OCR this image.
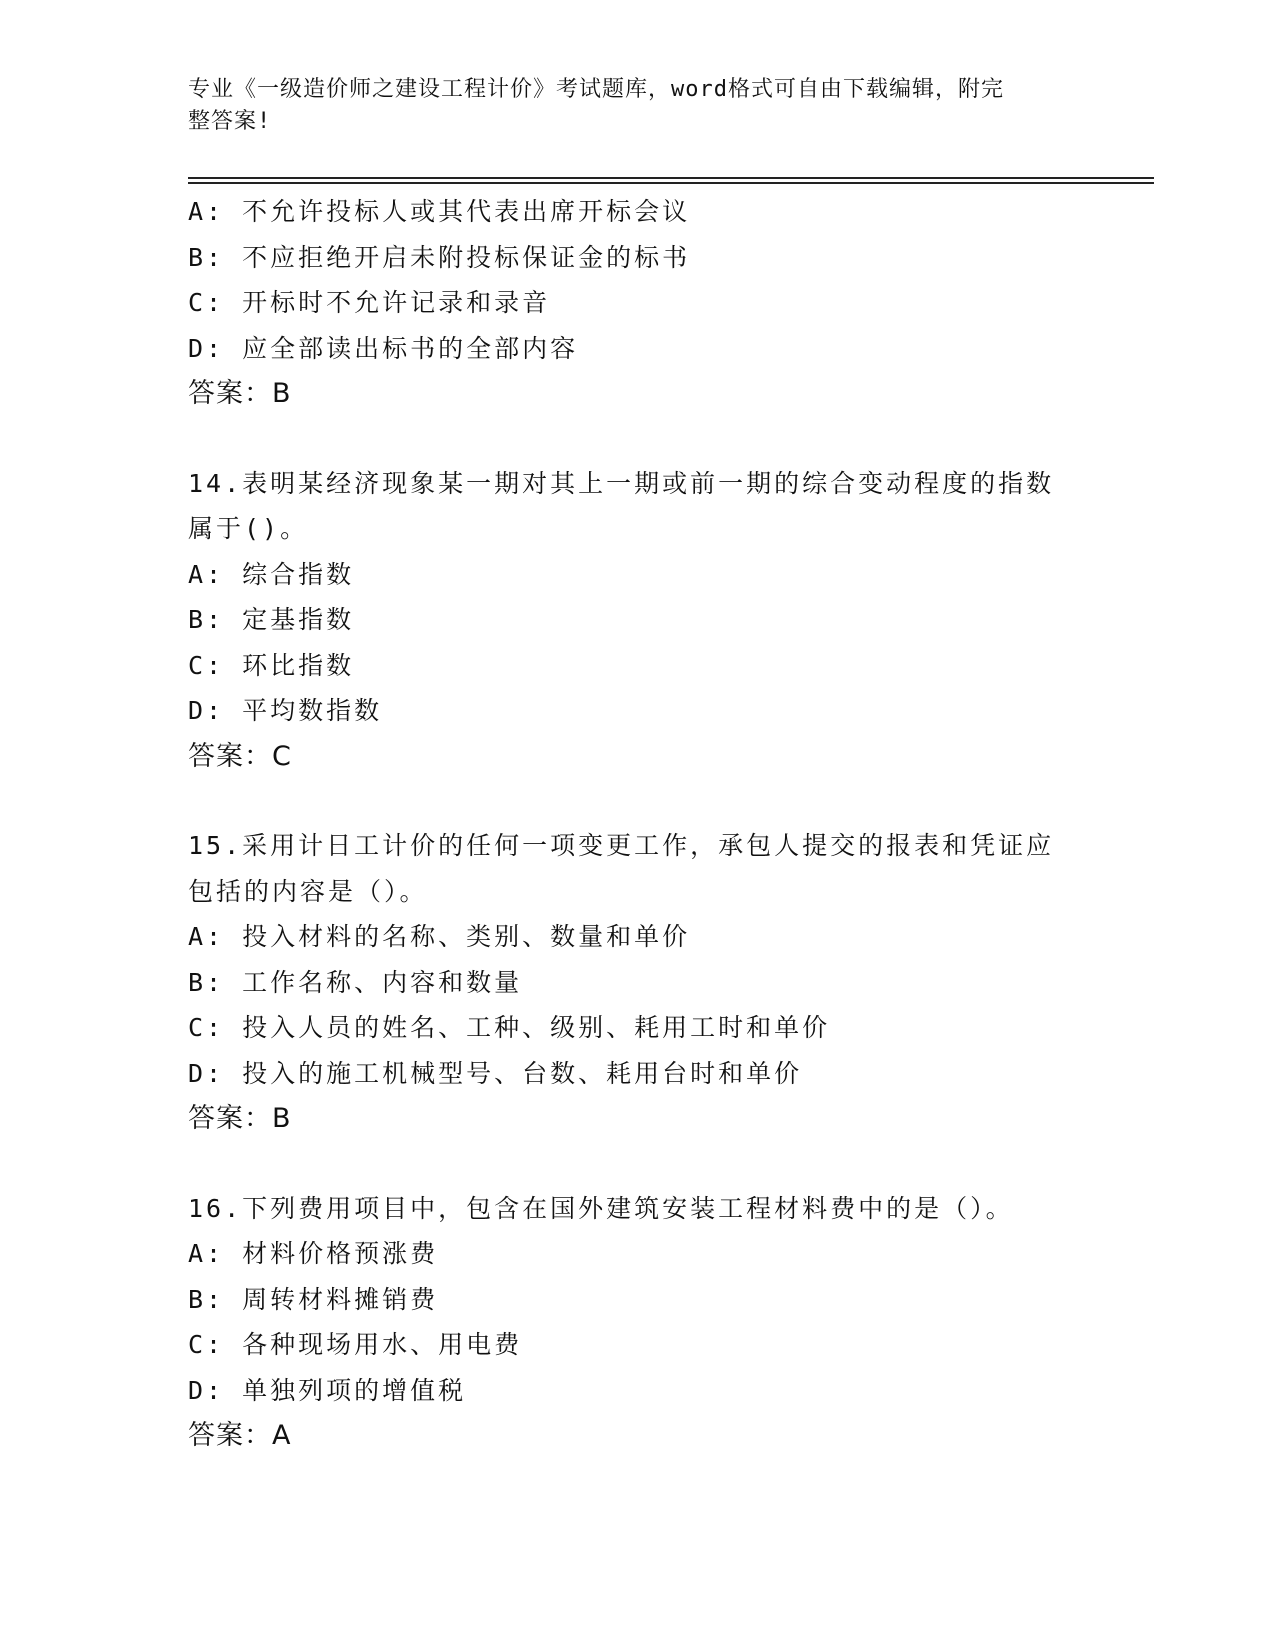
专业《一级造价师之建设工程计价》考试题库，word格式可自由下载编辑，附完
整答案!
A: 不允许投标人或其代表出席开标会议
B: 不应拒绝开启未附投标保证金的标书
C: 开标时不允许记录和录音
D: 应全部读出标书的全部内容
答案：B
14.表明某经济现象某一期对其上一期或前一期的综合变动程度的指数
属于()。
A: 综合指数
B: 定基指数
C: 环比指数
D: 平均数指数
答案：C
15.采用计日工计价的任何一项变更工作，承包人提交的报表和凭证应
包括的内容是（）。
A: 投入材料的名称、类别、数量和单价
B: 工作名称、内容和数量
C: 投入人员的姓名、工种、级别、耗用工时和单价
D: 投入的施工机械型号、台数、耗用台时和单价
答案：B
16.下列费用项目中，包含在国外建筑安装工程材料费中的是（）。
A: 材料价格预涨费
B: 周转材料摊销费
C: 各种现场用水、用电费
D: 单独列项的增值税
答案：A
